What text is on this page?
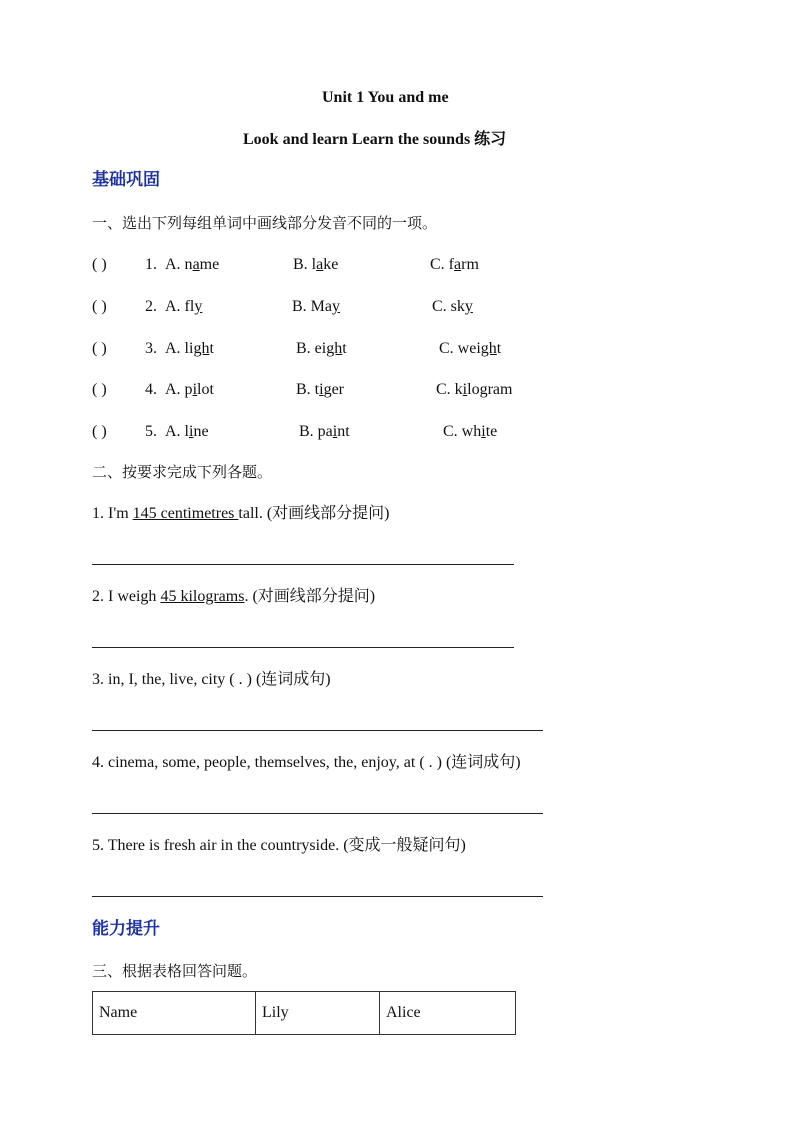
Unit 1 You and me
Look and learn Learn the sounds 练习
基础巩固
一、选出下列每组单词中画线部分发音不同的一项。
( ) 1. A. name	B. lake	C. farm
( ) 2. A. fly	B. May	C. sky
( ) 3. A. light	B. eight	C. weight
( ) 4. A. pilot	B. tiger	C. kilogram
( ) 5. A. line	B. paint	C. white
二、按要求完成下列各题。
1. I'm 145 centimetres tall. (对画线部分提问)
2. I weigh 45 kilograms. (对画线部分提问)
3. in, I, the, live, city ( . ) (连词成句)
4. cinema, some, people, themselves, the, enjoy, at ( . ) (连词成句)
5. There is fresh air in the countryside. (变成一般疑问句)
能力提升
三、根据表格回答问题。
Name	Lily	Alice
